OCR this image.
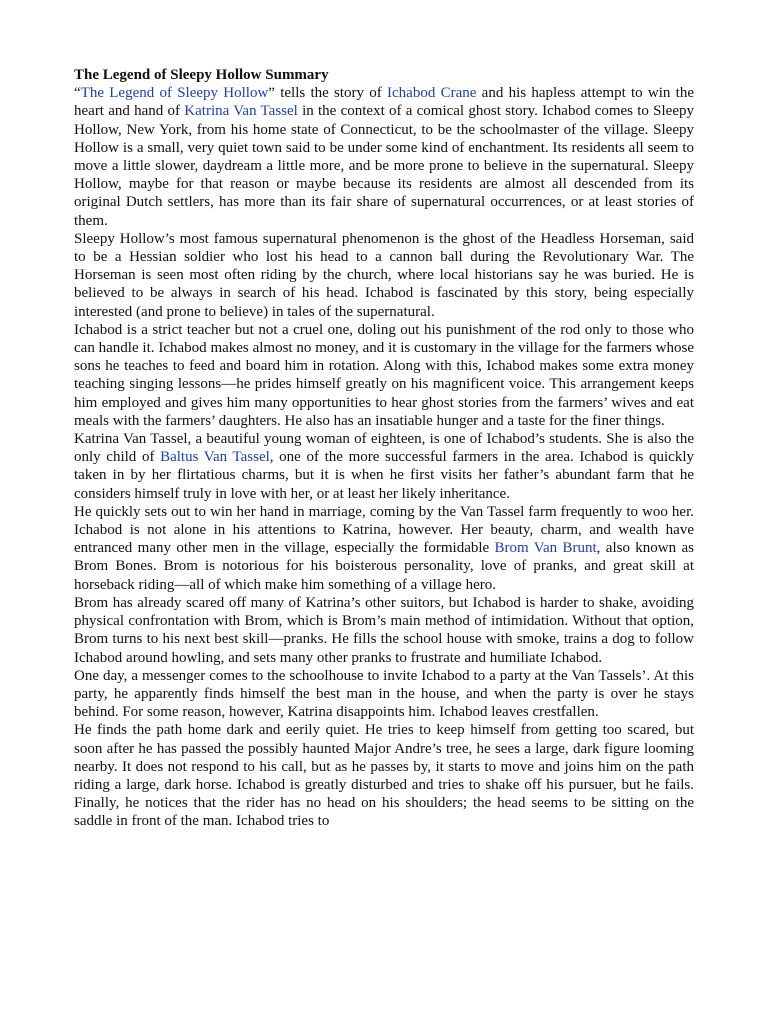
The Legend of Sleepy Hollow Summary

“The Legend of Sleepy Hollow” tells the story of Ichabod Crane and his hapless attempt to win the heart and hand of Katrina Van Tassel in the context of a comical ghost story. Ichabod comes to Sleepy Hollow, New York, from his home state of Connecticut, to be the schoolmaster of the village. Sleepy Hollow is a small, very quiet town said to be under some kind of enchantment. Its residents all seem to move a little slower, daydream a little more, and be more prone to believe in the supernatural. Sleepy Hollow, maybe for that reason or maybe because its residents are almost all descended from its original Dutch settlers, has more than its fair share of supernatural occurrences, or at least stories of them.

Sleepy Hollow’s most famous supernatural phenomenon is the ghost of the Headless Horseman, said to be a Hessian soldier who lost his head to a cannon ball during the Revolutionary War. The Horseman is seen most often riding by the church, where local historians say he was buried. He is believed to be always in search of his head. Ichabod is fascinated by this story, being especially interested (and prone to believe) in tales of the supernatural.

Ichabod is a strict teacher but not a cruel one, doling out his punishment of the rod only to those who can handle it. Ichabod makes almost no money, and it is customary in the village for the farmers whose sons he teaches to feed and board him in rotation. Along with this, Ichabod makes some extra money teaching singing lessons—he prides himself greatly on his magnificent voice. This arrangement keeps him employed and gives him many opportunities to hear ghost stories from the farmers’ wives and eat meals with the farmers’ daughters. He also has an insatiable hunger and a taste for the finer things.

Katrina Van Tassel, a beautiful young woman of eighteen, is one of Ichabod’s students. She is also the only child of Baltus Van Tassel, one of the more successful farmers in the area. Ichabod is quickly taken in by her flirtatious charms, but it is when he first visits her father’s abundant farm that he considers himself truly in love with her, or at least her likely inheritance.

He quickly sets out to win her hand in marriage, coming by the Van Tassel farm frequently to woo her. Ichabod is not alone in his attentions to Katrina, however. Her beauty, charm, and wealth have entranced many other men in the village, especially the formidable Brom Van Brunt, also known as Brom Bones. Brom is notorious for his boisterous personality, love of pranks, and great skill at horseback riding—all of which make him something of a village hero.

Brom has already scared off many of Katrina’s other suitors, but Ichabod is harder to shake, avoiding physical confrontation with Brom, which is Brom’s main method of intimidation. Without that option, Brom turns to his next best skill—pranks. He fills the school house with smoke, trains a dog to follow Ichabod around howling, and sets many other pranks to frustrate and humiliate Ichabod.

One day, a messenger comes to the schoolhouse to invite Ichabod to a party at the Van Tassels’. At this party, he apparently finds himself the best man in the house, and when the party is over he stays behind. For some reason, however, Katrina disappoints him. Ichabod leaves crestfallen.

He finds the path home dark and eerily quiet. He tries to keep himself from getting too scared, but soon after he has passed the possibly haunted Major Andre’s tree, he sees a large, dark figure looming nearby. It does not respond to his call, but as he passes by, it starts to move and joins him on the path riding a large, dark horse. Ichabod is greatly disturbed and tries to shake off his pursuer, but he fails. Finally, he notices that the rider has no head on his shoulders; the head seems to be sitting on the saddle in front of the man. Ichabod tries to
